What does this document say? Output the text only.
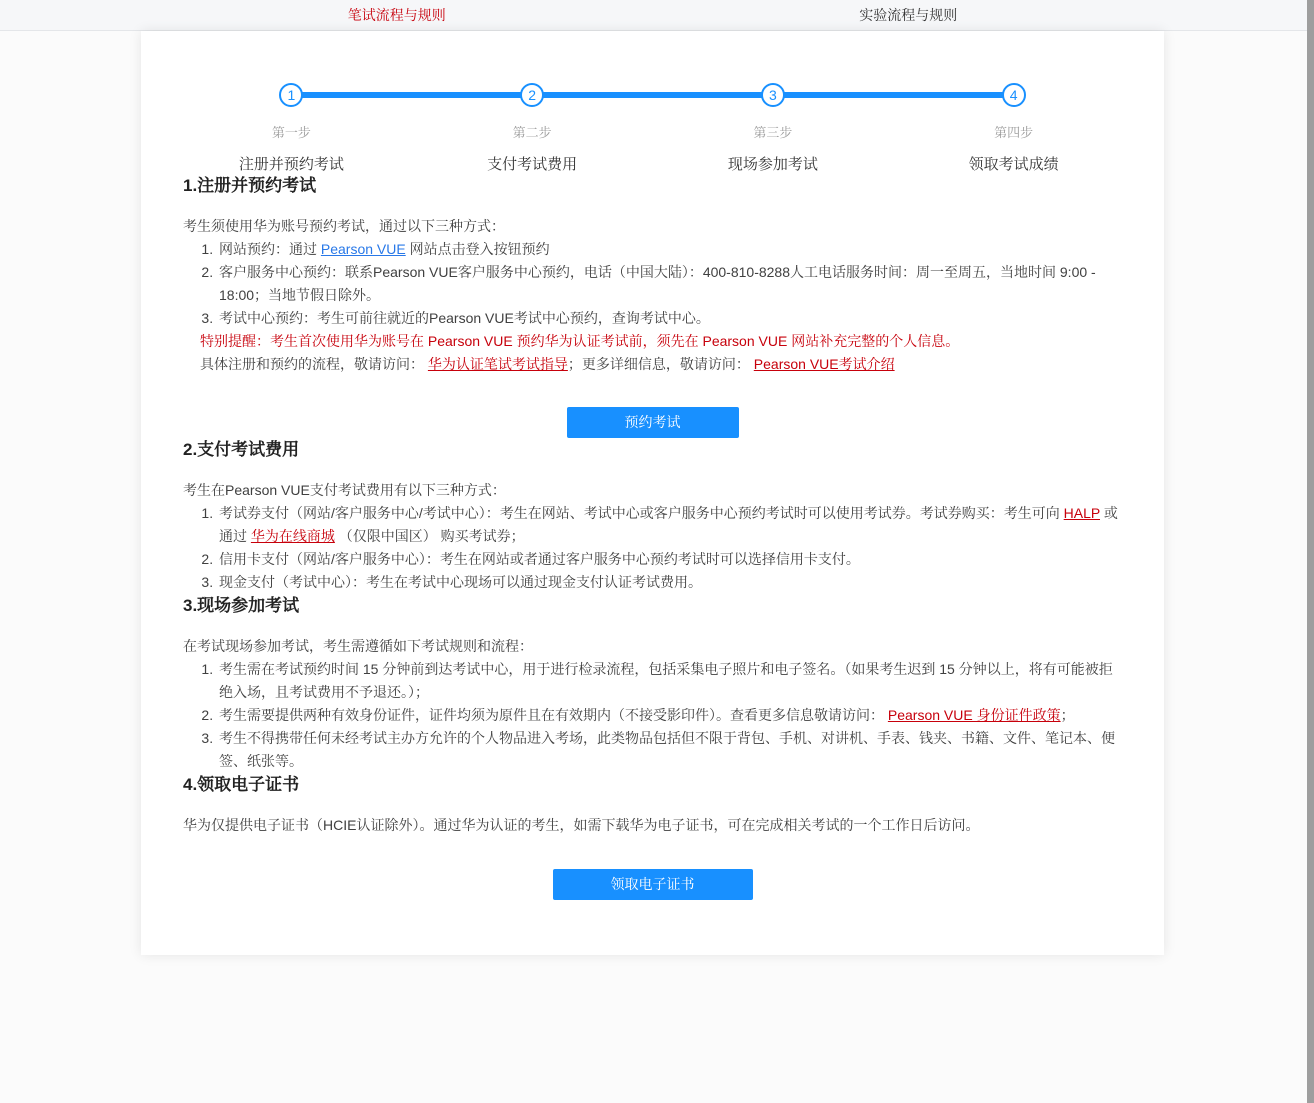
笔试流程与规则	实验流程与规则
1
第一步
注册并预约考试
2
第二步
支付考试费用
3
第三步
现场参加考试
4
第四步
领取考试成绩
1.注册并预约考试

考生须使用华为账号预约考试，通过以下三种方式：

1. 网站预约：通过 Pearson VUE 网站点击登入按钮预约
2. 客户服务中心预约：联系Pearson VUE客户服务中心预约，电话（中国大陆）：400-810-8288人工电话服务时间：周一至周五，当地时间 9:00 - 18:00；当地节假日除外。
3. 考试中心预约：考生可前往就近的Pearson VUE考试中心预约，查询考试中心。

特别提醒：考生首次使用华为账号在 Pearson VUE 预约华为认证考试前，须先在 Pearson VUE 网站补充完整的个人信息。

具体注册和预约的流程，敬请访问： 华为认证笔试考试指导；更多详细信息，敬请访问： Pearson VUE考试介绍

预约考试
2.支付考试费用

考生在Pearson VUE支付考试费用有以下三种方式：

1. 考试券支付（网站/客户服务中心/考试中心）：考生在网站、考试中心或客户服务中心预约考试时可以使用考试券。考试券购买：考生可向 HALP 或通过 华为在线商城 （仅限中国区） 购买考试券；
2. 信用卡支付（网站/客户服务中心）：考生在网站或者通过客户服务中心预约考试时可以选择信用卡支付。
3. 现金支付（考试中心）：考生在考试中心现场可以通过现金支付认证考试费用。
3.现场参加考试

在考试现场参加考试，考生需遵循如下考试规则和流程：

1. 考生需在考试预约时间 15 分钟前到达考试中心，用于进行检录流程，包括采集电子照片和电子签名。（如果考生迟到 15 分钟以上，将有可能被拒绝入场，且考试费用不予退还。）；
2. 考生需要提供两种有效身份证件，证件均须为原件且在有效期内（不接受影印件）。查看更多信息敬请访问： Pearson VUE 身份证件政策；
3. 考生不得携带任何未经考试主办方允许的个人物品进入考场，此类物品包括但不限于背包、手机、对讲机、手表、钱夹、书籍、文件、笔记本、便签、纸张等。
4.领取电子证书

华为仅提供电子证书（HCIE认证除外）。通过华为认证的考生，如需下载华为电子证书，可在完成相关考试的一个工作日后访问。

领取电子证书
